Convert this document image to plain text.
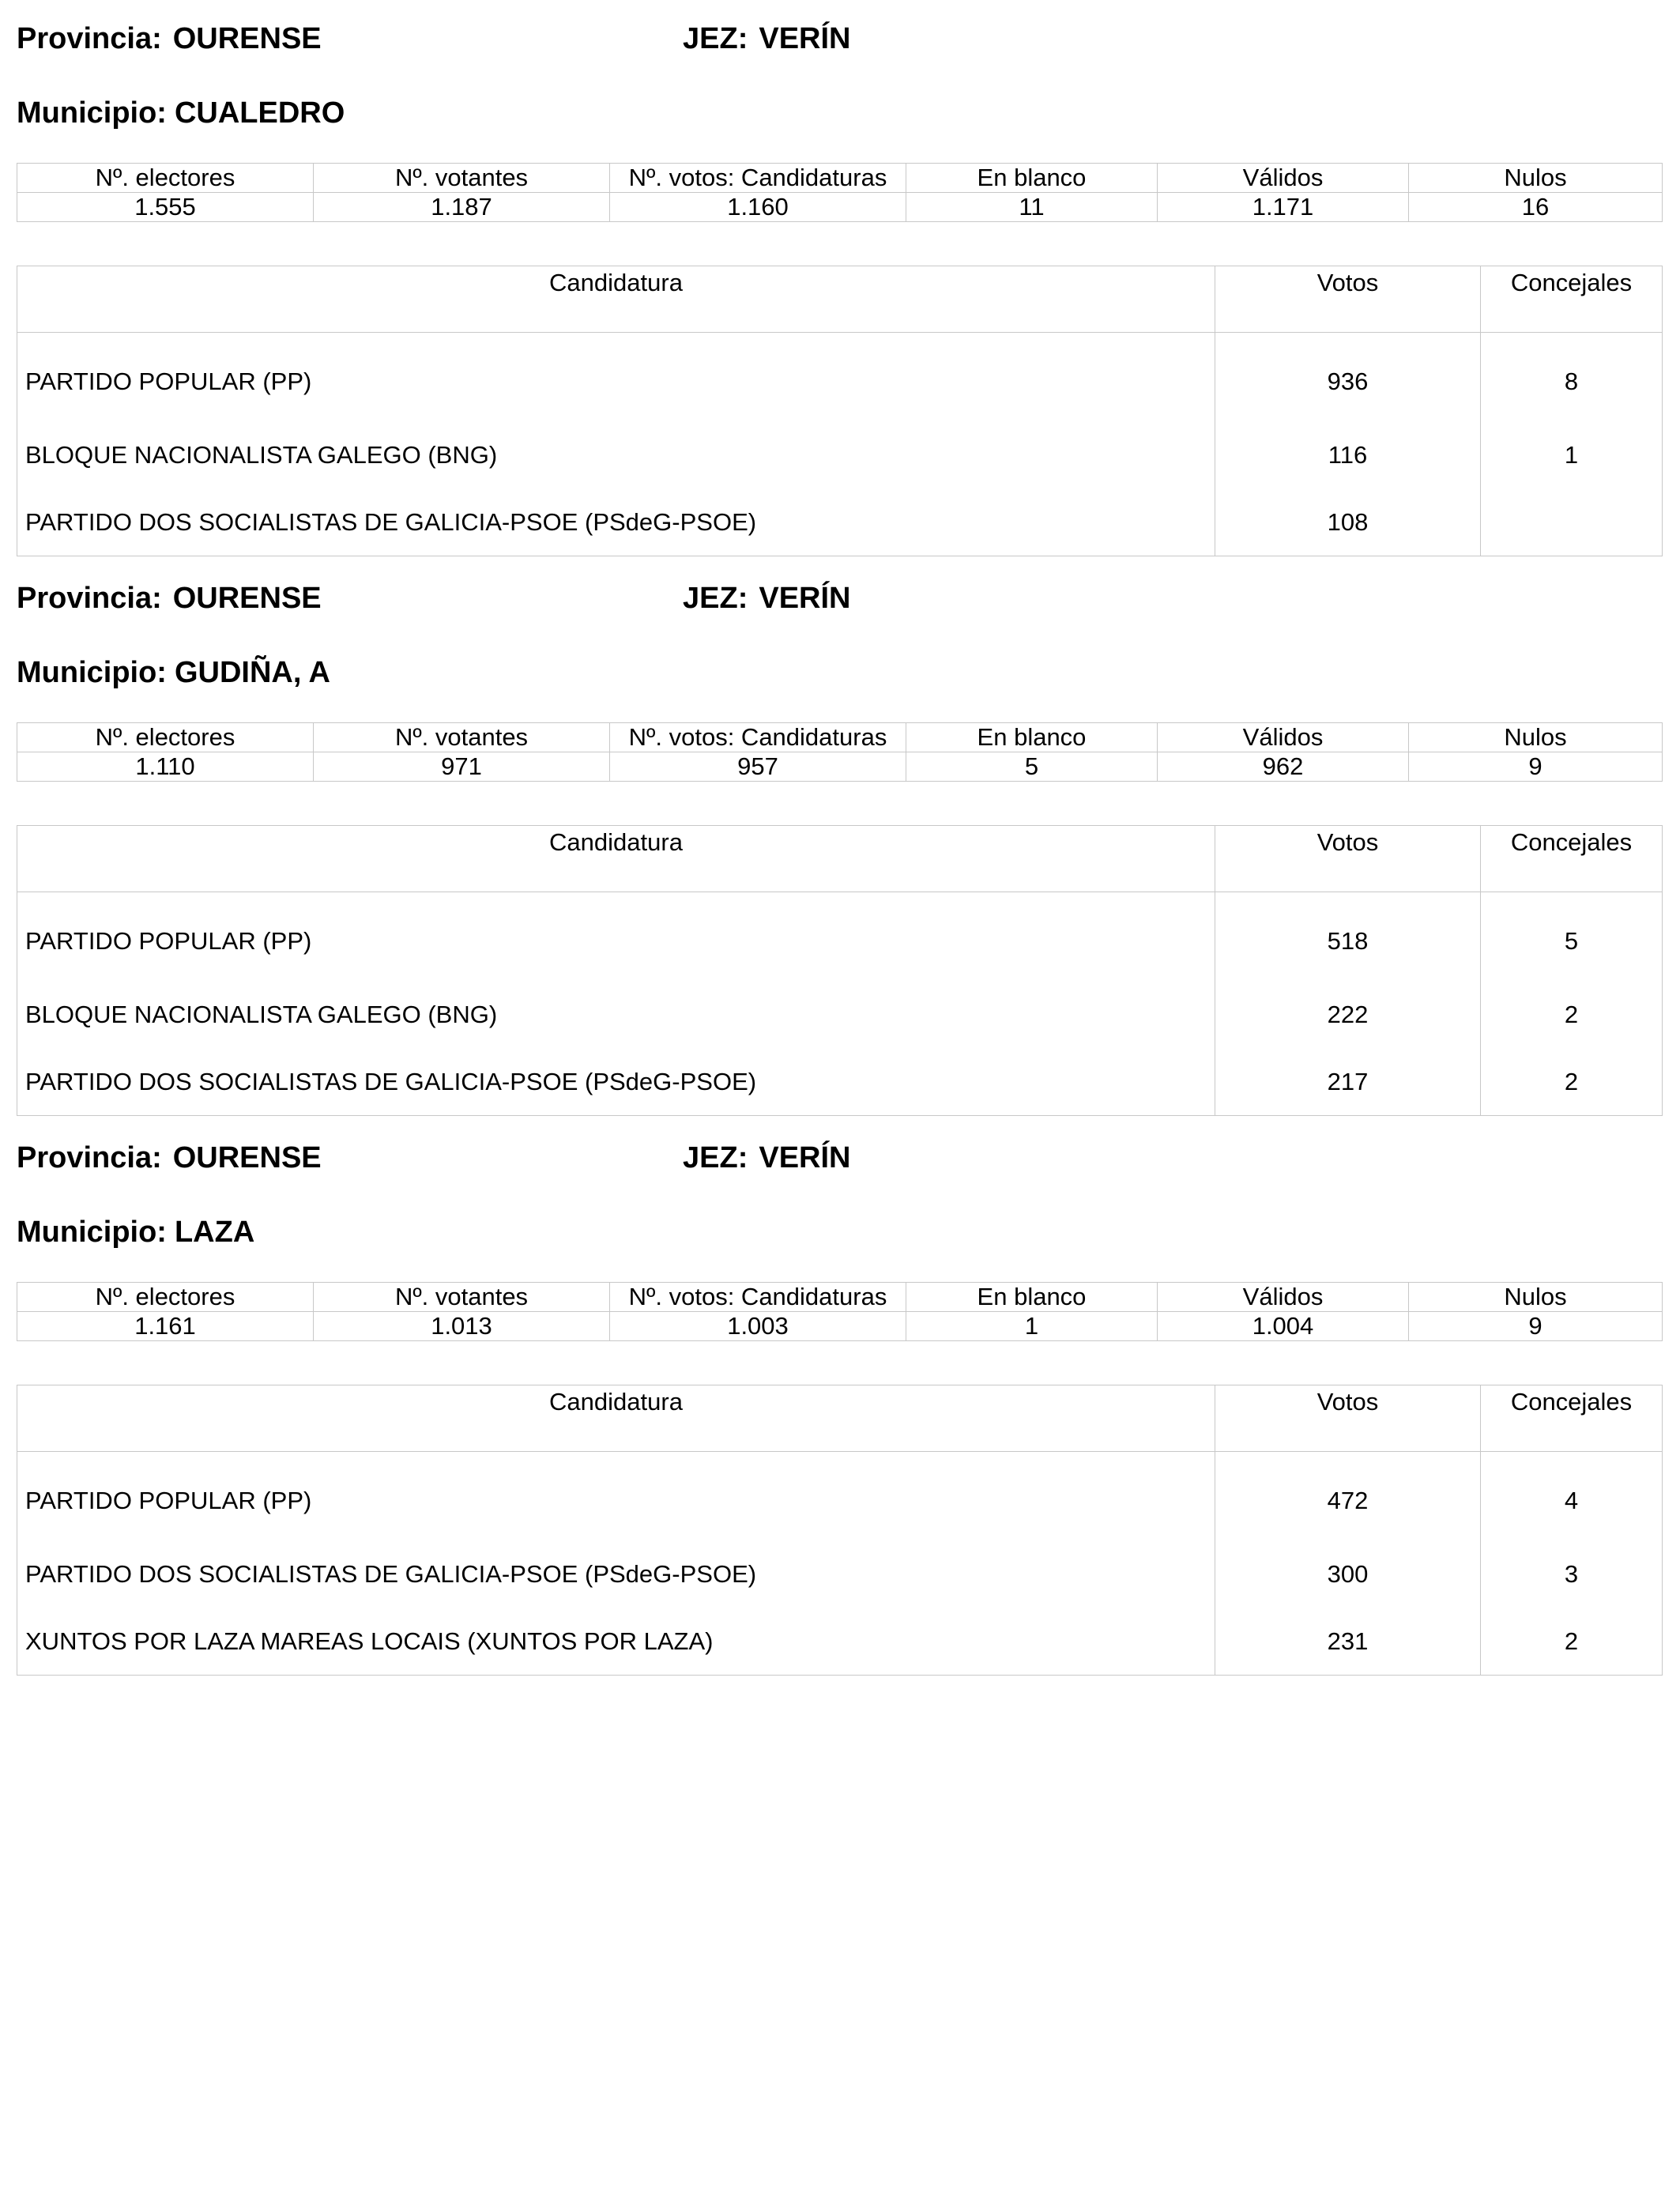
Provincia: OURENSE	JEZ: VERÍN
Municipio: CUALEDRO
Nº. electores	Nº. votantes	Nº. votos: Candidaturas	En blanco	Válidos	Nulos
1.555	1.187	1.160	11	1.171	16
Candidatura	Votos	Concejales
PARTIDO POPULAR (PP)	936	8
BLOQUE NACIONALISTA GALEGO (BNG)	116	1
PARTIDO DOS SOCIALISTAS DE GALICIA-PSOE (PSdeG-PSOE)	108	
Provincia: OURENSE	JEZ: VERÍN
Municipio: GUDIÑA, A
Nº. electores	Nº. votantes	Nº. votos: Candidaturas	En blanco	Válidos	Nulos
1.110	971	957	5	962	9
Candidatura	Votos	Concejales
PARTIDO POPULAR (PP)	518	5
BLOQUE NACIONALISTA GALEGO (BNG)	222	2
PARTIDO DOS SOCIALISTAS DE GALICIA-PSOE (PSdeG-PSOE)	217	2
Provincia: OURENSE	JEZ: VERÍN
Municipio: LAZA
Nº. electores	Nº. votantes	Nº. votos: Candidaturas	En blanco	Válidos	Nulos
1.161	1.013	1.003	1	1.004	9
Candidatura	Votos	Concejales
PARTIDO POPULAR (PP)	472	4
PARTIDO DOS SOCIALISTAS DE GALICIA-PSOE (PSdeG-PSOE)	300	3
XUNTOS POR LAZA MAREAS LOCAIS (XUNTOS POR LAZA)	231	2
